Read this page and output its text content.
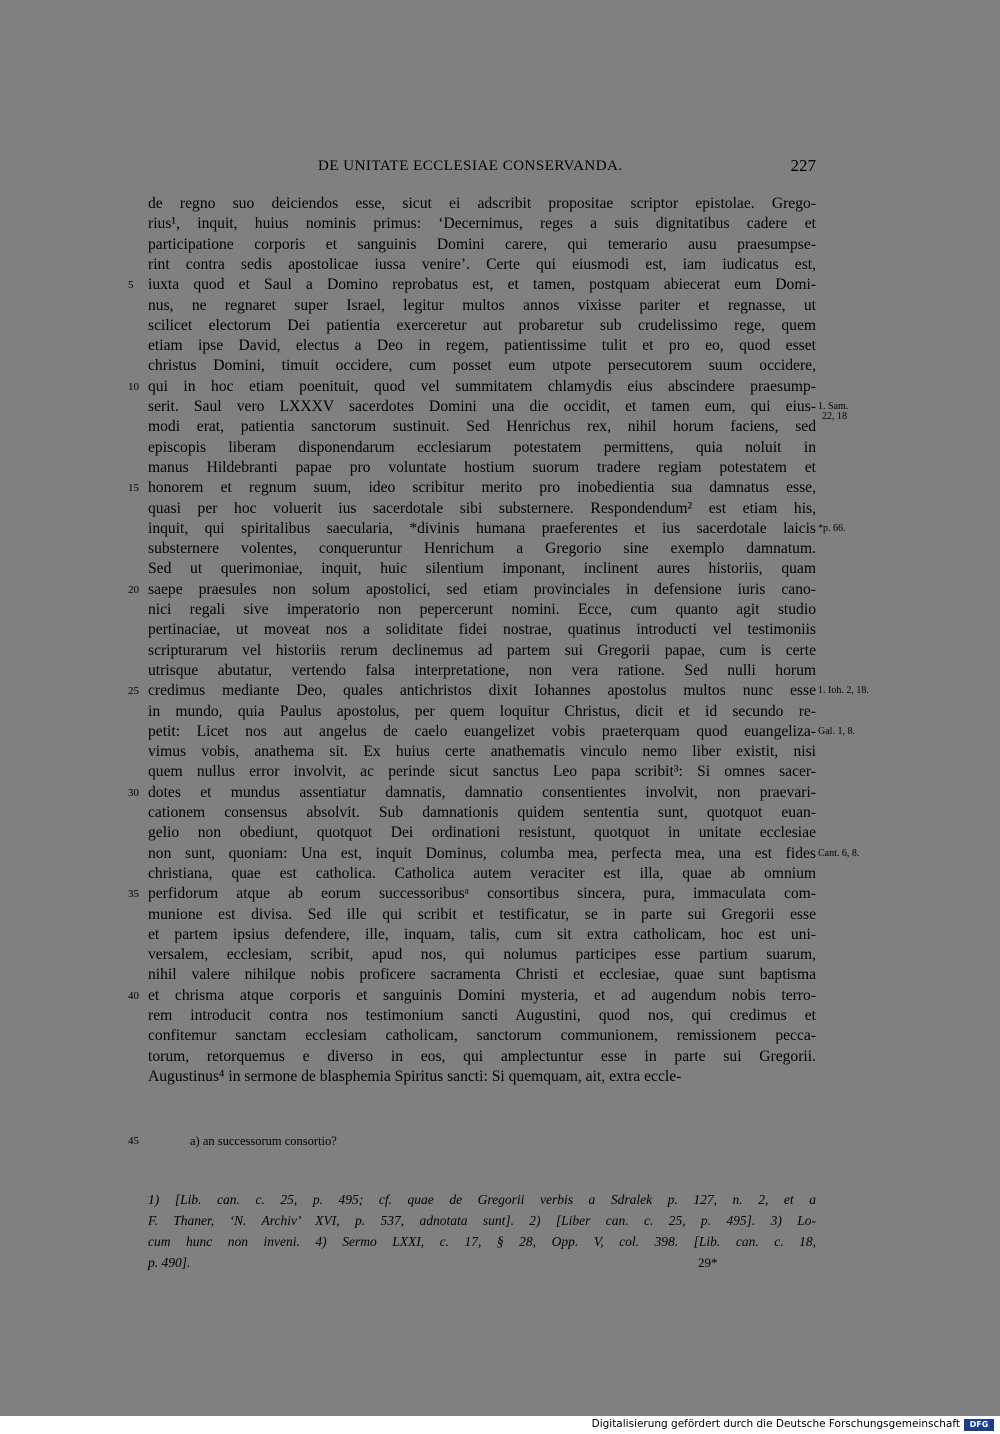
DE UNITATE ECCLESIAE CONSERVANDA.	227
de regno suo deiciendos esse, sicut ei adscribit propositae scriptor epistolae. Grego-
rius¹, inquit, huius nominis primus: ‘Decernimus, reges a suis dignitatibus cadere et
participatione corporis et sanguinis Domini carere, qui temerario ausu praesumpse-
rint contra sedis apostolicae iussa venire’. Certe qui eiusmodi est, iam iudicatus est,
iuxta quod et Saul a Domino reprobatus est, et tamen, postquam abiecerat eum Domi-
nus, ne regnaret super Israel, legitur multos annos vixisse pariter et regnasse, ut
scilicet electorum Dei patientia exerceretur aut probaretur sub crudelissimo rege, quem
etiam ipse David, electus a Deo in regem, patientissime tulit et pro eo, quod esset
christus Domini, timuit occidere, cum posset eum utpote persecutorem suum occidere,
qui in hoc etiam poenituit, quod vel summitatem chlamydis eius abscindere praesump-
serit. Saul vero LXXXV sacerdotes Domini una die occidit, et tamen eum, qui eius-
modi erat, patientia sanctorum sustinuit. Sed Henrichus rex, nihil horum faciens, sed
episcopis liberam disponendarum ecclesiarum potestatem permittens, quia noluit in
manus Hildebranti papae pro voluntate hostium suorum tradere regiam potestatem et
honorem et regnum suum, ideo scribitur merito pro inobedientia sua damnatus esse,
quasi per hoc voluerit ius sacerdotale sibi substernere. Respondendum² est etiam his,
inquit, qui spiritalibus saecularia, *divinis humana praeferentes et ius sacerdotale laicis
substernere volentes, conqueruntur Henrichum a Gregorio sine exemplo damnatum.
Sed ut querimoniae, inquit, huic silentium imponant, inclinent aures historiis, quam
saepe praesules non solum apostolici, sed etiam provinciales in defensione iuris cano-
nici regali sive imperatorio non pepercerunt nomini. Ecce, cum quanto agit studio
pertinaciae, ut moveat nos a soliditate fidei nostrae, quatinus introducti vel testimoniis
scripturarum vel historiis rerum declinemus ad partem sui Gregorii papae, cum is certe
utrisque abutatur, vertendo falsa interpretatione, non vera ratione. Sed nulli horum
credimus mediante Deo, quales antichristos dixit Iohannes apostolus multos nunc esse
in mundo, quia Paulus apostolus, per quem loquitur Christus, dicit et id secundo re-
petit: Licet nos aut angelus de caelo euangelizet vobis praeterquam quod euangeliza-
vimus vobis, anathema sit. Ex huius certe anathematis vinculo nemo liber existit, nisi
quem nullus error involvit, ac perinde sicut sanctus Leo papa scribit³: Si omnes sacer-
dotes et mundus assentiatur damnatis, damnatio consentientes involvit, non praevari-
cationem consensus absolvit. Sub damnationis quidem sententia sunt, quotquot euan-
gelio non obediunt, quotquot Dei ordinationi resistunt, quotquot in unitate ecclesiae
non sunt, quoniam: Una est, inquit Dominus, columba mea, perfecta mea, una est fides
christiana, quae est catholica. Catholica autem veraciter est illa, quae ab omnium
perfidorum atque ab eorum successoribusᵃ consortibus sincera, pura, immaculata com-
munione est divisa. Sed ille qui scribit et testificatur, se in parte sui Gregorii esse
et partem ipsius defendere, ille, inquam, talis, cum sit extra catholicam, hoc est uni-
versalem, ecclesiam, scribit, apud nos, qui nolumus participes esse partium suarum,
nihil valere nihilque nobis proficere sacramenta Christi et ecclesiae, quae sunt baptisma
et chrisma atque corporis et sanguinis Domini mysteria, et ad augendum nobis terro-
rem introducit contra nos testimonium sancti Augustini, quod nos, qui credimus et
confitemur sanctam ecclesiam catholicam, sanctorum communionem, remissionem pecca-
torum, retorquemus e diverso in eos, qui amplectuntur esse in parte sui Gregorii.
Augustinus⁴ in sermone de blasphemia Spiritus sancti: Si quemquam, ait, extra eccle-
5
10
15
20
25
30
35
40
1. Sam.
22, 18
*p. 66.
1. Ioh. 2, 18.
Gal. 1, 8.
Cant. 6, 8.
45	a) an successorum consortio?
1) [Lib. can. c. 25, p. 495; cf. quae de Gregorii verbis a Sdralek p. 127, n. 2, et a
F. Thaner, ‘N. Archiv’ XVI, p. 537, adnotata sunt]. 2) [Liber can. c. 25, p. 495]. 3) Lo-
cum hunc non inveni. 4) Sermo LXXI, c. 17, § 28, Opp. V, col. 398. [Lib. can. c. 18,
p. 490].	29*
Digitalisierung gefördert durch die Deutsche Forschungsgemeinschaft	DFG
